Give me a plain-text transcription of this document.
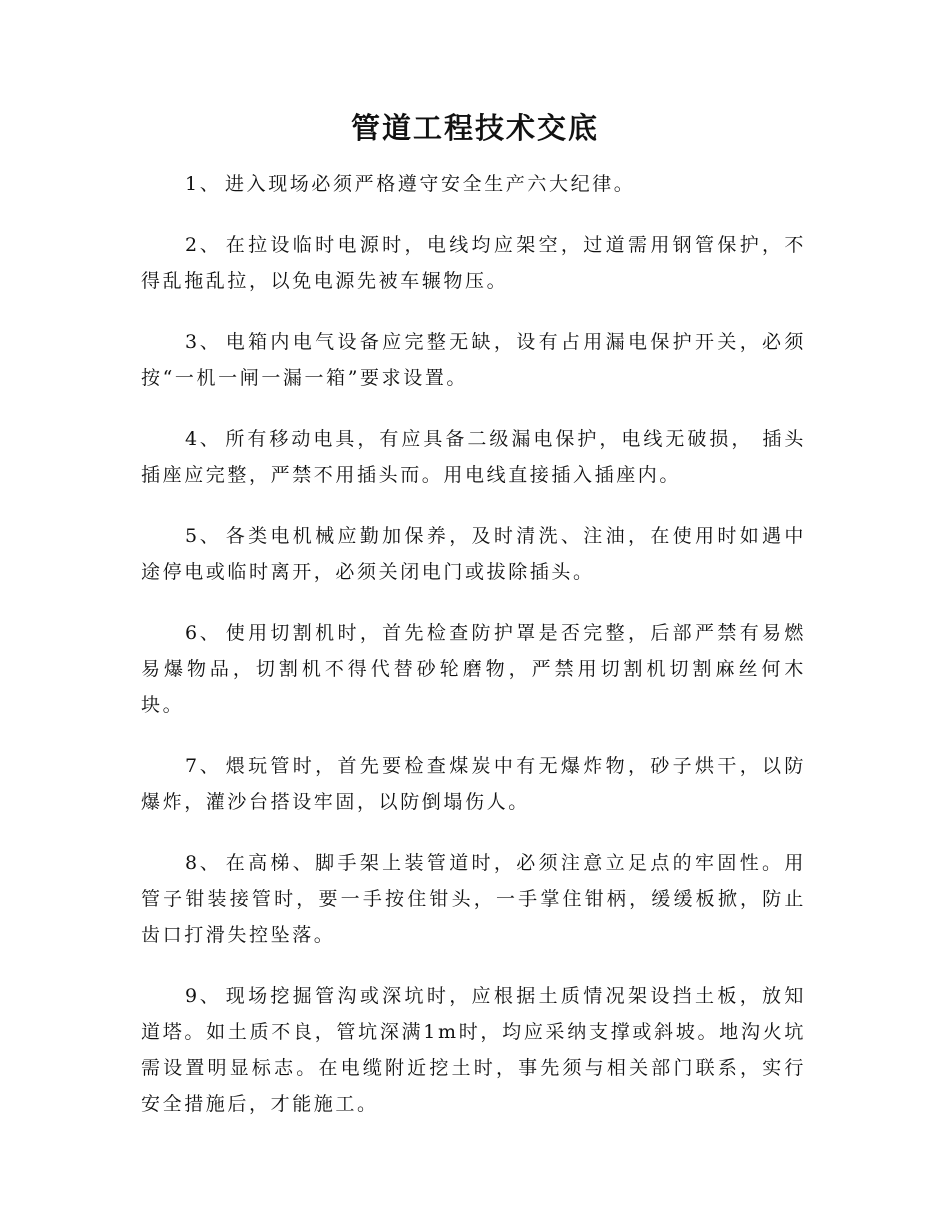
管道工程技术交底

1、 进入现场必须严格遵守安全生产六大纪律。

2、 在拉设临时电源时，电线均应架空，过道需用钢管保护，不得乱拖乱拉，以免电源先被车辗物压。

3、 电箱内电气设备应完整无缺，设有占用漏电保护开关，必须按“一机一闸一漏一箱”要求设置。

4、 所有移动电具，有应具备二级漏电保护，电线无破损， 插头插座应完整，严禁不用插头而。用电线直接插入插座内。

5、 各类电机械应勤加保养，及时清洗、注油，在使用时如遇中途停电或临时离开，必须关闭电门或拔除插头。

6、 使用切割机时，首先检查防护罩是否完整，后部严禁有易燃易爆物品，切割机不得代替砂轮磨物，严禁用切割机切割麻丝何木块。

7、 煨玩管时，首先要检查煤炭中有无爆炸物，砂子烘干，以防爆炸，灌沙台搭设牢固，以防倒塌伤人。

8、 在高梯、脚手架上装管道时，必须注意立足点的牢固性。用管子钳装接管时，要一手按住钳头，一手掌住钳柄，缓缓板掀，防止齿口打滑失控坠落。

9、 现场挖掘管沟或深坑时，应根据土质情况架设挡土板，放知道塔。如土质不良，管坑深满1m时，均应采纳支撑或斜坡。地沟火坑需设置明显标志。在电缆附近挖土时，事先须与相关部门联系，实行安全措施后，才能施工。
